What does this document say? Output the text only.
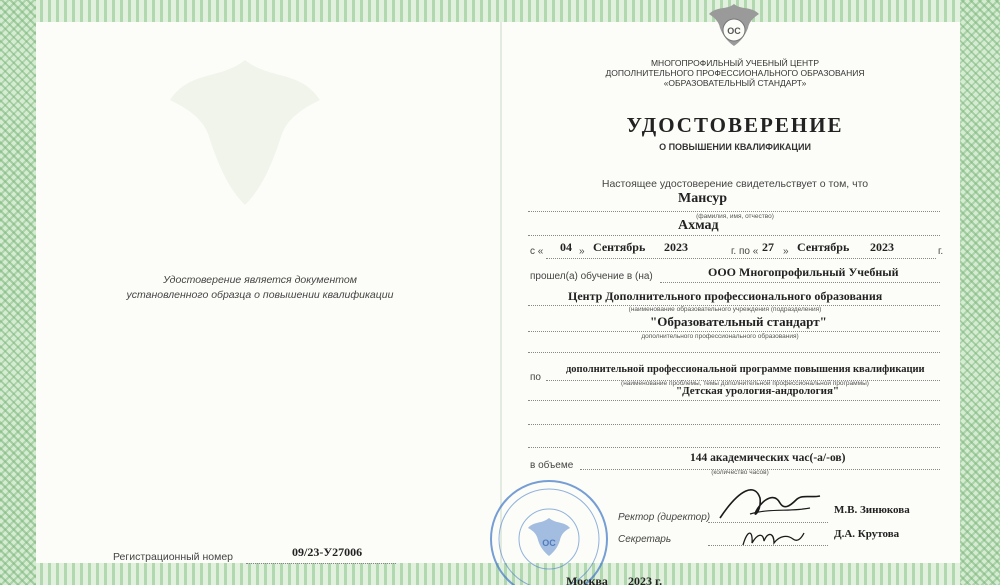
Удостоверение является документом
установленного образца о повышении квалификации
Регистрационный номер	09/23-У27006
ОС
МНОГОПРОФИЛЬНЫЙ УЧЕБНЫЙ ЦЕНТР
ДОПОЛНИТЕЛЬНОГО ПРОФЕССИОНАЛЬНОГО ОБРАЗОВАНИЯ
«ОБРАЗОВАТЕЛЬНЫЙ СТАНДАРТ»
УДОСТОВЕРЕНИЕ
О ПОВЫШЕНИИ КВАЛИФИКАЦИИ
Настоящее удостоверение свидетельствует о том, что
Мансур
(фамилия, имя, отчество)
Ахмад
с « 04 » Сентябрь 2023	г. по « 27 » Сентябрь 2023	г.
прошел(а) обучение в (на)	ООО Многопрофильный Учебный
Центр Дополнительного профессионального образования
(наименование образовательного учреждения (подразделения)
"Образовательный стандарт"
дополнительного профессионального образования)
по
дополнительной профессиональной программе повышения квалификации
(наименование проблемы, темы дополнительной профессиональной программы)
"Детская урология-андрология"
в объеме
144 академических час(-а/-ов)
(количество часов)
ОС
Ректор (директор)
М.В. Зинюкова
Секретарь	Д.А. Крутова
Москва 2023 г.
